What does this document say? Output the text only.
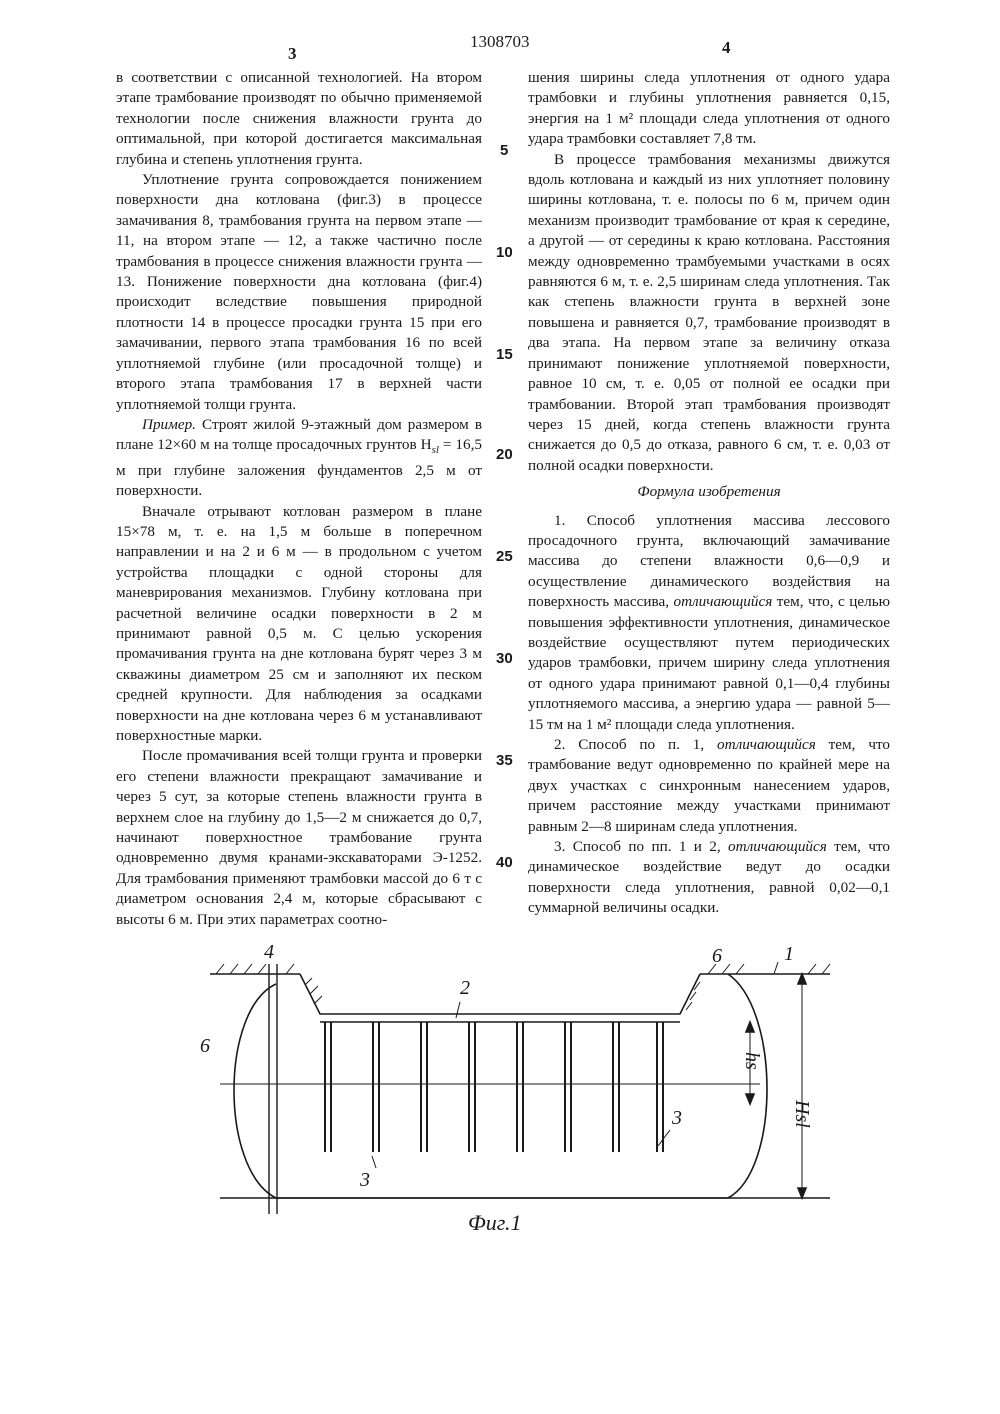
3
1308703	4
5
10
15
20
25
30
35
40

в соответствии с описанной технологией. На втором этапе трамбование производят по обычно применяемой технологии после снижения влажности грунта до оптимальной, при которой достигается максимальная глубина и степень уплотнения грунта.

Уплотнение грунта сопровождается понижением поверхности дна котлована (фиг.3) в процессе замачивания 8, трамбования грунта на первом этапе — 11, на втором этапе — 12, а также частично после трамбования в процессе снижения влажности грунта — 13. Понижение поверхности дна котлована (фиг.4) происходит вследствие повышения природной плотности 14 в процессе просадки грунта 15 при его замачивании, первого этапа трамбования 16 по всей уплотняемой глубине (или просадочной толще) и второго этапа трамбования 17 в верхней части уплотняемой толщи грунта.

Пример. Строят жилой 9-этажный дом размером в плане 12×60 м на толще просадочных грунтов $H_{sl} = 16,5$ м при глубине заложения фундаментов 2,5 м от поверхности.

Вначале отрывают котлован размером в плане 15×78 м, т. е. на 1,5 м больше в поперечном направлении и на 2 и 6 м — в продольном с учетом устройства площадки с одной стороны для маневрирования механизмов. Глубину котлована при расчетной величине осадки поверхности в 2 м принимают равной 0,5 м. С целью ускорения промачивания грунта на дне котлована бурят через 3 м скважины диаметром 25 см и заполняют их песком средней крупности. Для наблюдения за осадками поверхности на дне котлована через 6 м устанавливают поверхностные марки.

После промачивания всей толщи грунта и проверки его степени влажности прекращают замачивание и через 5 сут, за которые степень влажности грунта в верхнем слое на глубину до 1,5—2 м снижается до 0,7, начинают поверхностное трамбование грунта одновременно двумя кранами-экскаваторами Э-1252. Для трамбования применяют трамбовки массой до 6 т с диаметром основания 2,4 м, которые сбрасывают с высоты 6 м. При этих параметрах соотно-

шения ширины следа уплотнения от одного удара трамбовки и глубины уплотнения равняется 0,15, энергия на 1 м² площади следа уплотнения от одного удара трамбовки составляет 7,8 тм.

В процессе трамбования механизмы движутся вдоль котлована и каждый из них уплотняет половину ширины котлована, т. е. полосы по 6 м, причем один механизм производит трамбование от края к середине, а другой — от середины к краю котлована. Расстояния между одновременно трамбуемыми участками в осях равняются 6 м, т. е. 2,5 ширинам следа уплотнения. Так как степень влажности грунта в верхней зоне повышена и равняется 0,7, трамбование производят в два этапа. На первом этапе за величину отказа принимают понижение уплотняемой поверхности, равное 10 см, т. е. 0,05 от полной ее осадки при трамбовании. Второй этап трамбования производят через 15 дней, когда степень влажности грунта снижается до 0,5 до отказа, равного 6 см, т. е. 0,03 от полной осадки поверхности.

Формула изобретения

1. Способ уплотнения массива лессового просадочного грунта, включающий замачивание массива до степени влажности 0,6—0,9 и осуществление динамического воздействия на поверхность массива, отличающийся тем, что, с целью повышения эффективности уплотнения, динамическое воздействие осуществляют путем периодических ударов трамбовки, причем ширину следа уплотнения от одного удара принимают равной 0,1—0,4 глубины уплотняемого массива, а энергию удара — равной 5—15 тм на 1 м² площади следа уплотнения.

2. Способ по п. 1, отличающийся тем, что трамбование ведут одновременно по крайней мере на двух участках с синхронным нанесением ударов, причем расстояние между участками принимают равным 2—8 ширинам следа уплотнения.

3. Способ по пп. 1 и 2, отличающийся тем, что динамическое воздействие ведут до осадки поверхности следа уплотнения, равной 0,02—0,1 суммарной величины осадки.

4
2
6	1
6
3
3
hs
Hsl
Фиг.1
